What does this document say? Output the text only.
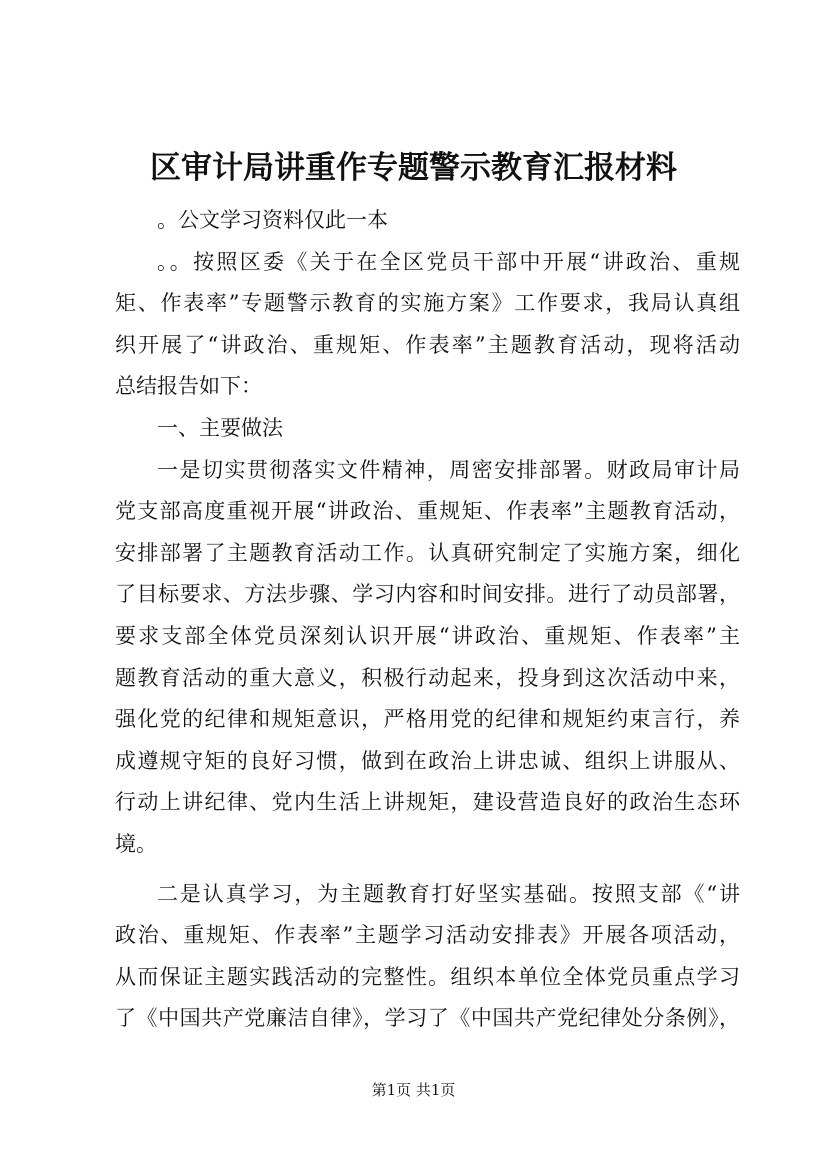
区审计局讲重作专题警示教育汇报材料
。公文学习资料仅此一本
。。按照区委《关于在全区党员干部中开展“讲政治、重规
矩、作表率”专题警示教育的实施方案》工作要求，我局认真组
织开展了“讲政治、重规矩、作表率”主题教育活动，现将活动
总结报告如下：
一、主要做法
一是切实贯彻落实文件精神，周密安排部署。财政局审计局
党支部高度重视开展“讲政治、重规矩、作表率”主题教育活动，
安排部署了主题教育活动工作。认真研究制定了实施方案，细化
了目标要求、方法步骤、学习内容和时间安排。进行了动员部署，
要求支部全体党员深刻认识开展“讲政治、重规矩、作表率”主
题教育活动的重大意义，积极行动起来，投身到这次活动中来，
强化党的纪律和规矩意识，严格用党的纪律和规矩约束言行，养
成遵规守矩的良好习惯，做到在政治上讲忠诚、组织上讲服从、
行动上讲纪律、党内生活上讲规矩，建设营造良好的政治生态环
境。
二是认真学习，为主题教育打好坚实基础。按照支部《“讲
政治、重规矩、作表率”主题学习活动安排表》开展各项活动，
从而保证主题实践活动的完整性。组织本单位全体党员重点学习
了《中国共产党廉洁自律》，学习了《中国共产党纪律处分条例》，
第1页 共1页
